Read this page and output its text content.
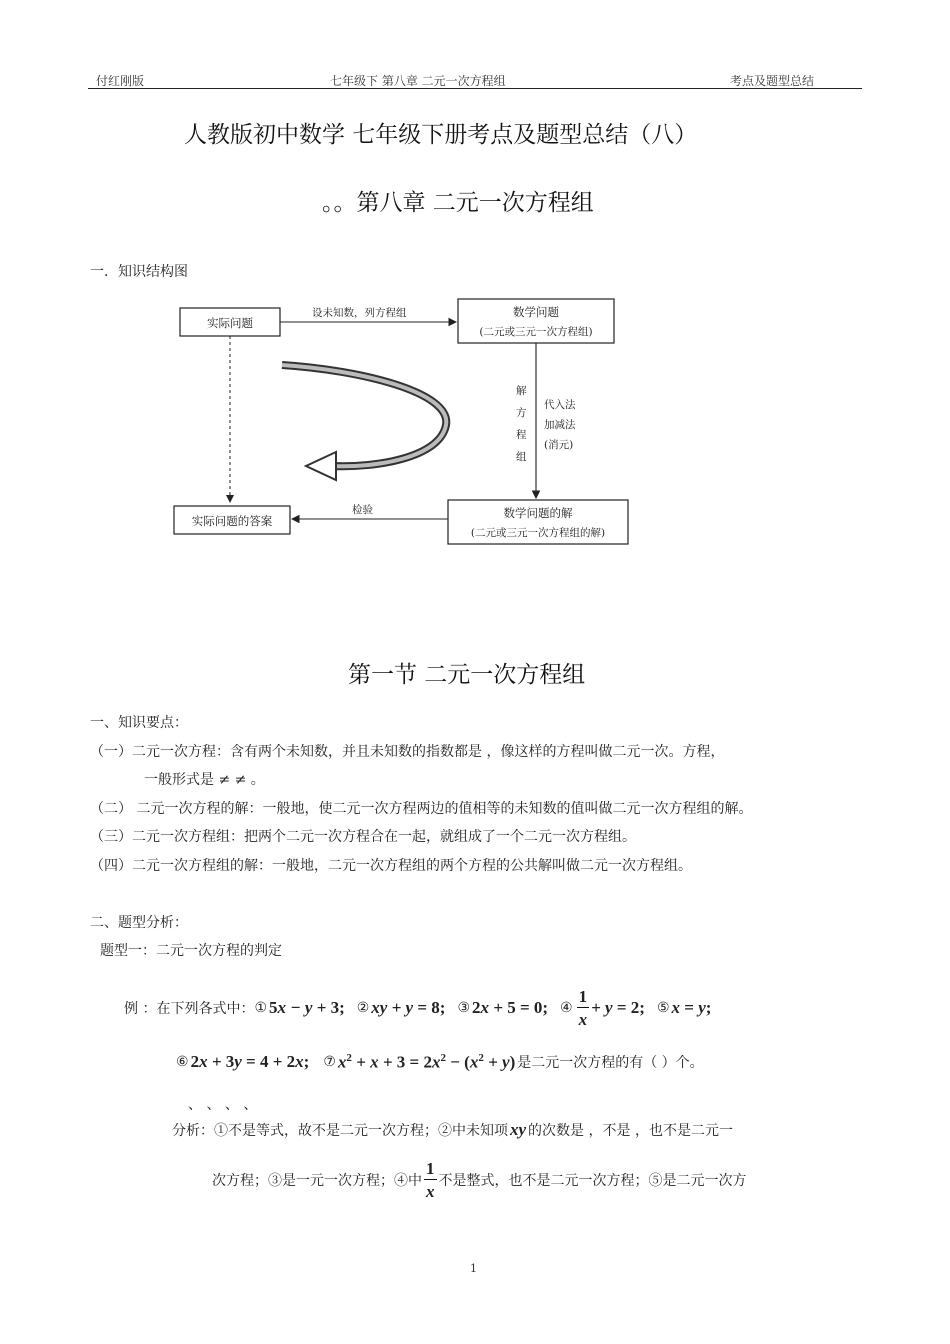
付红刚版	七年级下 第八章 二元一次方程组	考点及题型总结
人教版初中数学 七年级下册考点及题型总结（八）
。。第八章 二元一次方程组
一．知识结构图
实际问题
设未知数，列方程组	数学问题
(二元或三元一次方程组)
解
方
程
组
代入法
加减法
(消元)
数学问题的解
(二元或三元一次方程组的解)
检验
实际问题的答案
第一节 二元一次方程组
一、知识要点：
（一）二元一次方程：含有两个未知数，并且未知数的指数都是 ，像这样的方程叫做二元一次。方程，
一般形式是 ≠ ≠ 。
（二） 二元一次方程的解：一般地，使二元一次方程两边的值相等的未知数的值叫做二元一次方程组的解。
（三）二元一次方程组：把两个二元一次方程合在一起，就组成了一个二元一次方程组。
（四）二元一次方程组的解：一般地，二元一次方程组的两个方程的公共解叫做二元一次方程组。
二、题型分析：
题型一：二元一次方程的判定
例 ：在下列各式中： ① 5x − y + 3; ② xy + y = 8; ③ 2x + 5 = 0; ④ $\frac{1}{x} + y = 2$; ⑤ x = y;
⑥ 2x + 3y = 4 + 2x; ⑦ $x^2 + x + 3 = 2x^2 - (x^2 + y)$ 是二元一次方程的有（ ）个。
、 、 、 、
分析：①不是等式，故不是二元一次方程；②中未知项 xy 的次数是 ，不是 ，也不是二元一
次方程；③是一元一次方程；④中 $\frac{1}{x}$ 不是整式，也不是二元一次方程；⑤是二元一次方
1
